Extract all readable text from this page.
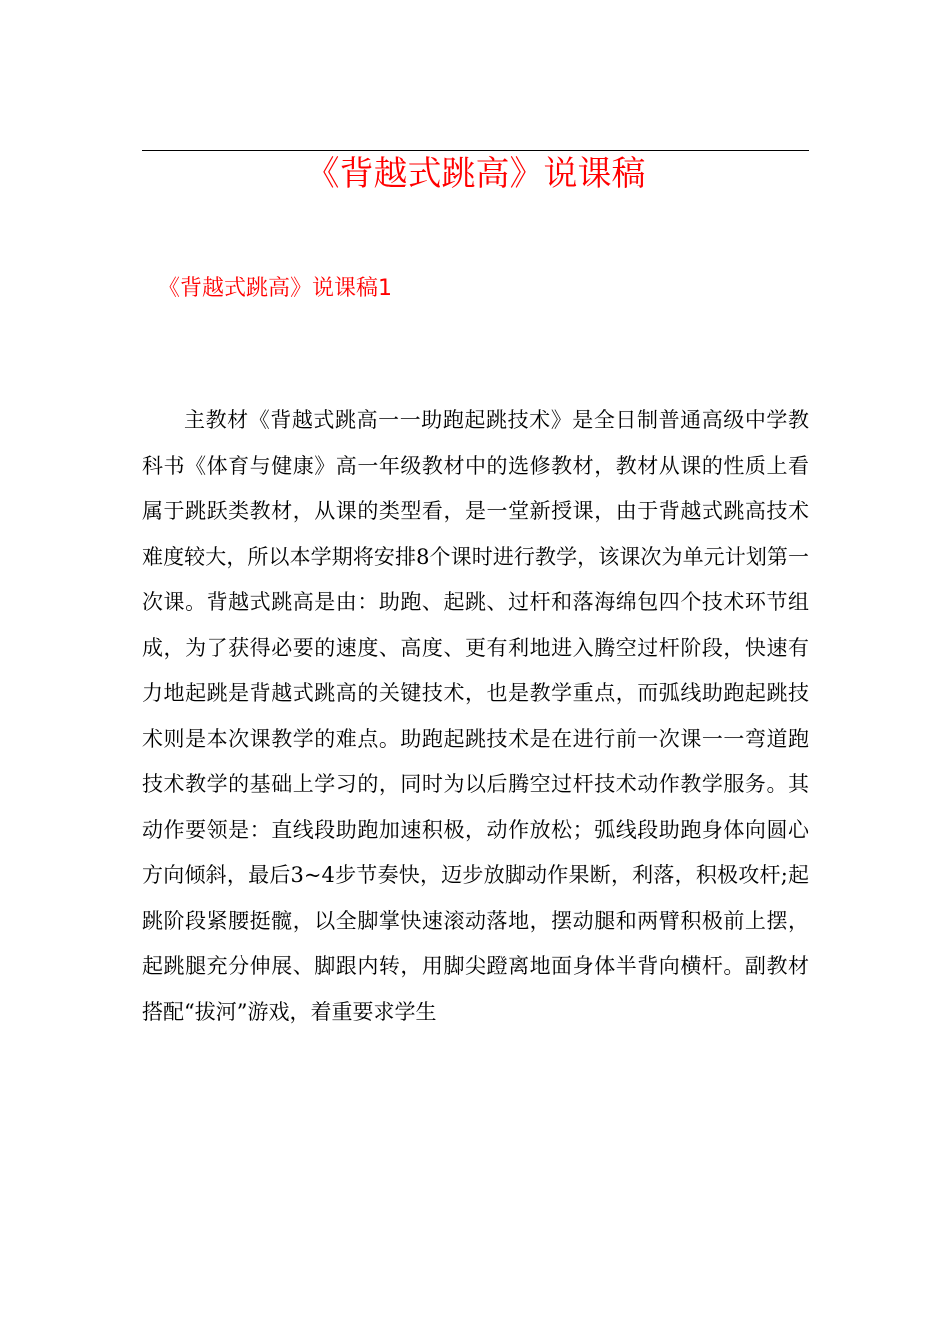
《背越式跳高》说课稿
《背越式跳高》说课稿1

主教材《背越式跳高一一助跑起跳技术》是全日制普通高级中学教科书《体育与健康》高一年级教材中的选修教材，教材从课的性质上看属于跳跃类教材，从课的类型看，是一堂新授课，由于背越式跳高技术难度较大，所以本学期将安排8个课时进行教学，该课次为单元计划第一次课。背越式跳高是由：助跑、起跳、过杆和落海绵包四个技术环节组成，为了获得必要的速度、高度、更有利地进入腾空过杆阶段，快速有力地起跳是背越式跳高的关键技术，也是教学重点，而弧线助跑起跳技术则是本次课教学的难点。助跑起跳技术是在进行前一次课一一弯道跑技术教学的基础上学习的，同时为以后腾空过杆技术动作教学服务。其动作要领是：直线段助跑加速积极，动作放松；弧线段助跑身体向圆心方向倾斜，最后3~4步节奏快，迈步放脚动作果断，利落，积极攻杆;起跳阶段紧腰挺髋，以全脚掌快速滚动落地，摆动腿和两臂积极前上摆，起跳腿充分伸展、脚跟内转，用脚尖蹬离地面身体半背向横杆。副教材搭配“拔河”游戏，着重要求学生
